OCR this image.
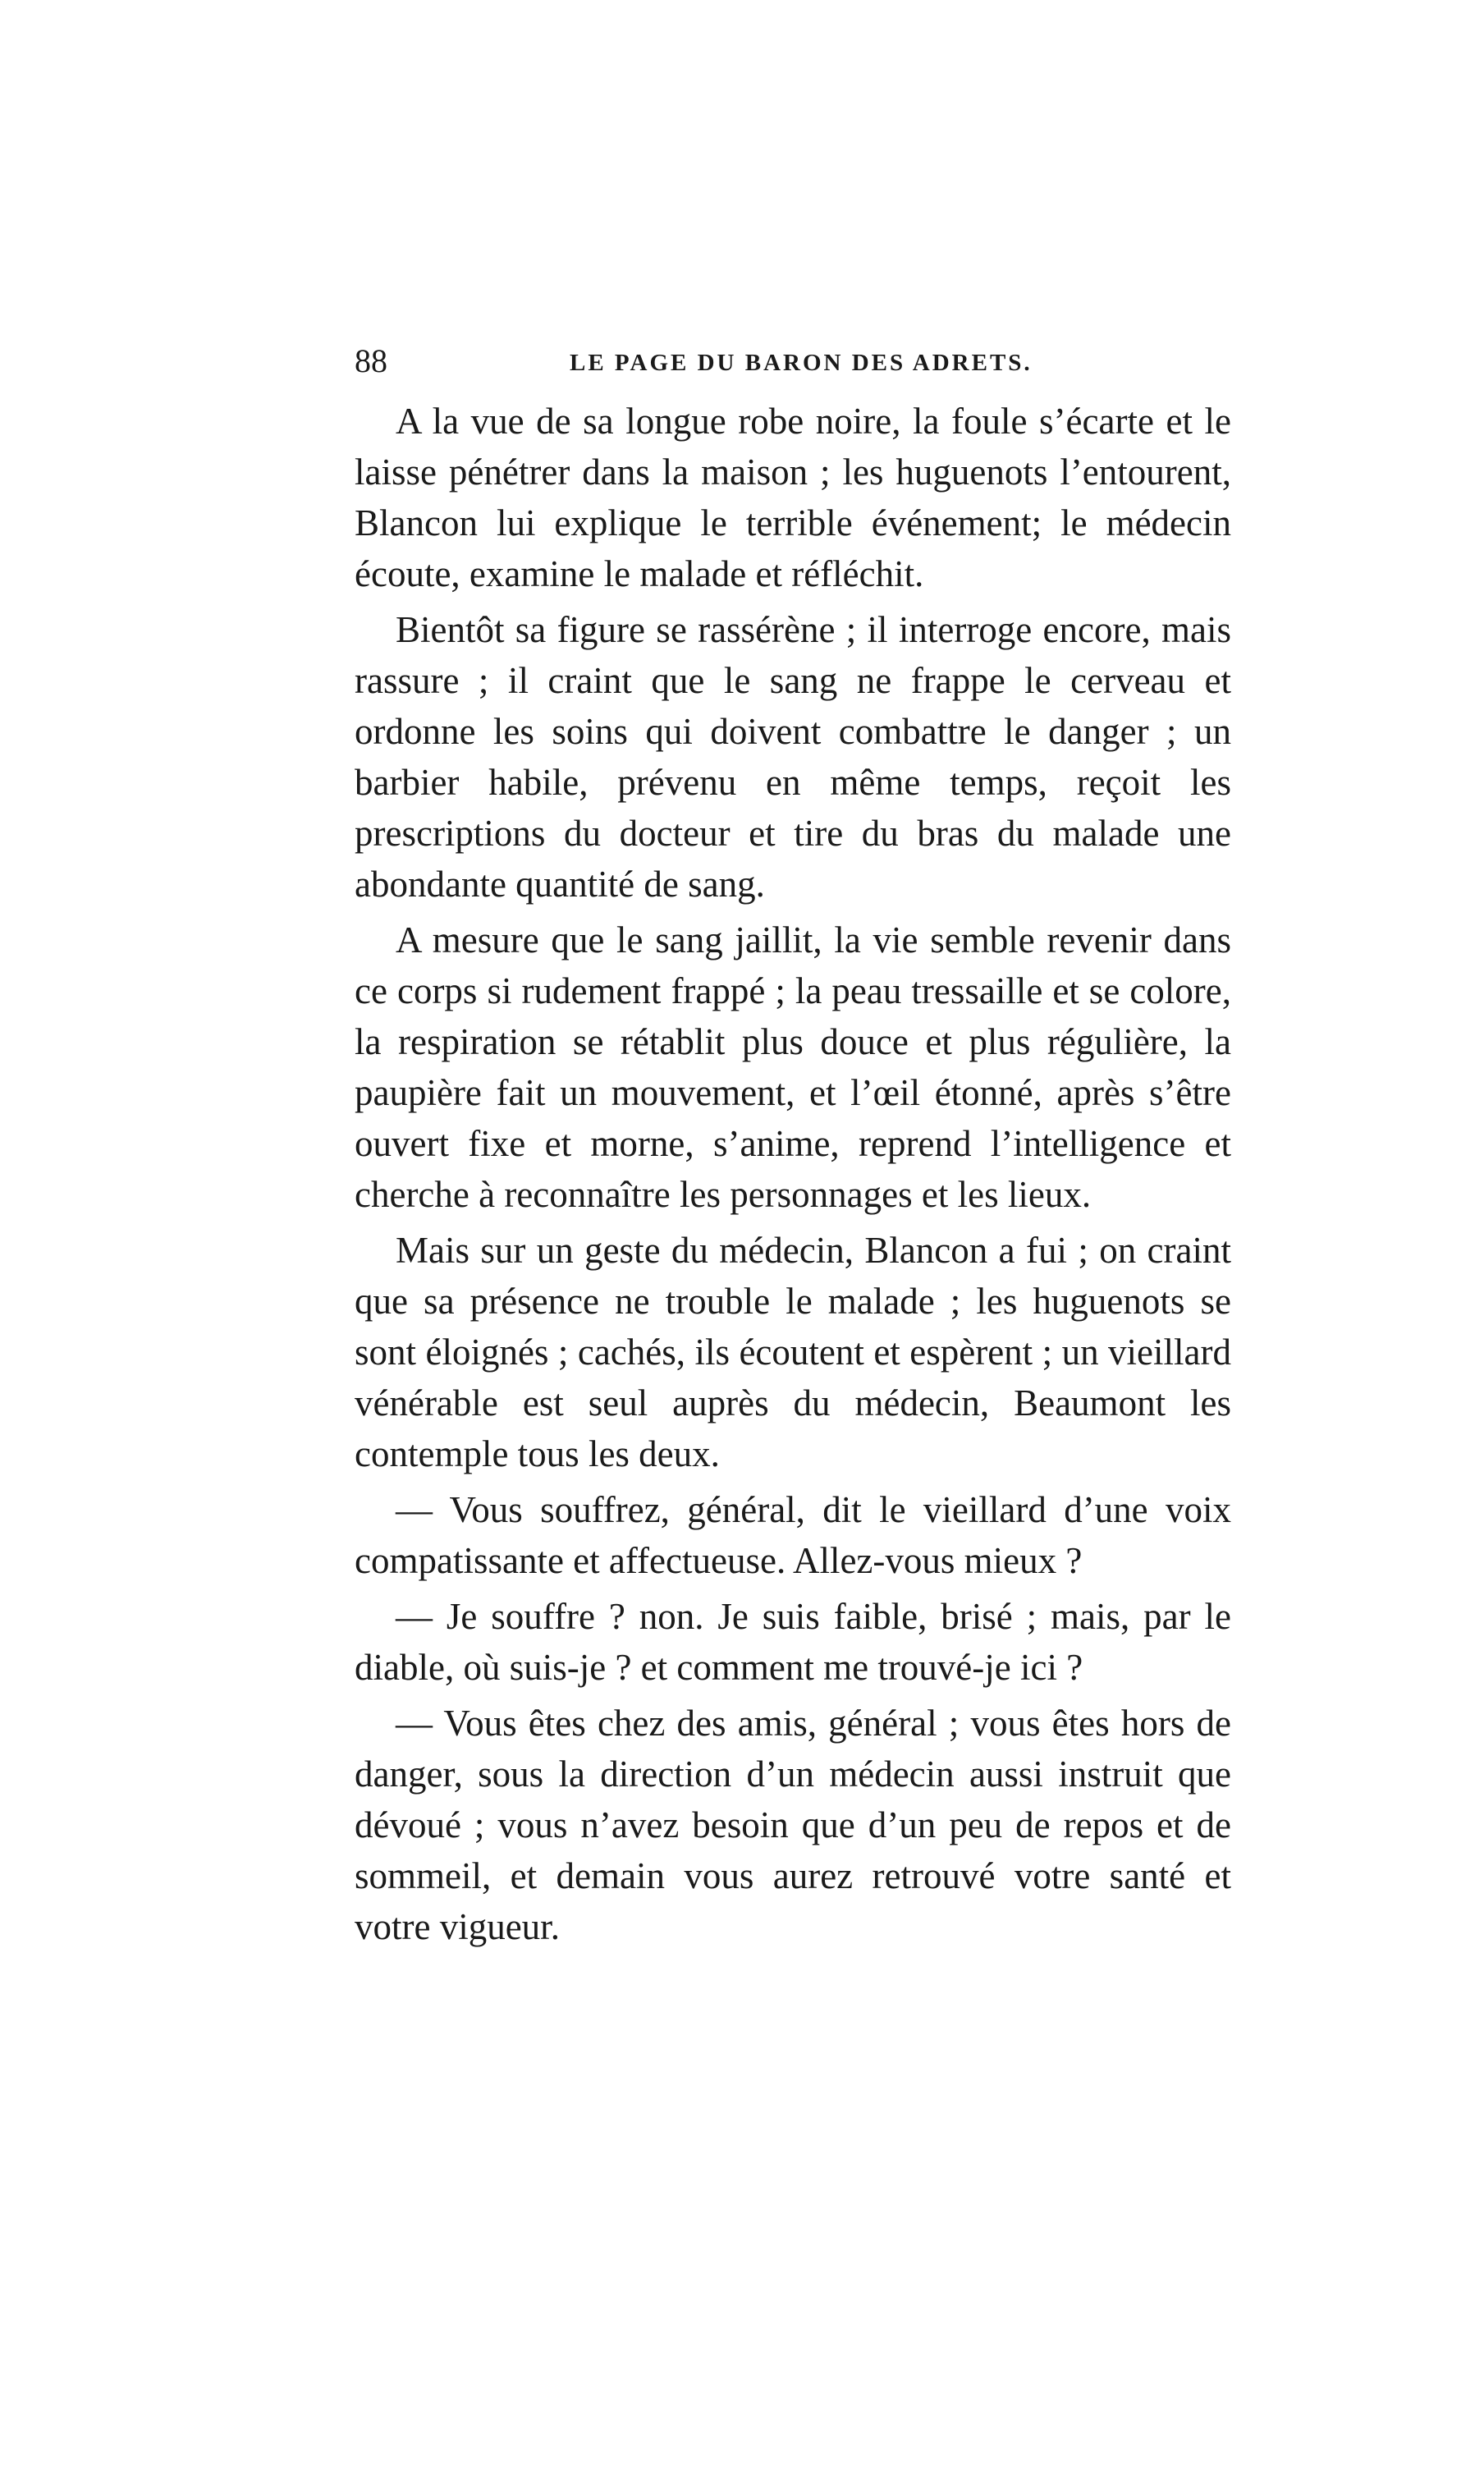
88	LE PAGE DU BARON DES ADRETS.

A la vue de sa longue robe noire, la foule s’écarte et le laisse pénétrer dans la maison ; les huguenots l’entourent, Blancon lui explique le terrible événement; le médecin écoute, examine le malade et réfléchit.

Bientôt sa figure se rassérène ; il interroge encore, mais rassure ; il craint que le sang ne frappe le cerveau et ordonne les soins qui doivent combattre le danger ; un barbier habile, prévenu en même temps, reçoit les prescriptions du docteur et tire du bras du malade une abondante quantité de sang.

A mesure que le sang jaillit, la vie semble revenir dans ce corps si rudement frappé ; la peau tressaille et se colore, la respiration se rétablit plus douce et plus régulière, la paupière fait un mouvement, et l’œil étonné, après s’être ouvert fixe et morne, s’anime, reprend l’intelligence et cherche à reconnaître les personnages et les lieux.

Mais sur un geste du médecin, Blancon a fui ; on craint que sa présence ne trouble le malade ; les huguenots se sont éloignés ; cachés, ils écoutent et espèrent ; un vieillard vénérable est seul auprès du médecin, Beaumont les contemple tous les deux.

— Vous souffrez, général, dit le vieillard d’une voix compatissante et affectueuse. Allez-vous mieux ?

— Je souffre ? non. Je suis faible, brisé ; mais, par le diable, où suis-je ? et comment me trouvé-je ici ?

— Vous êtes chez des amis, général ; vous êtes hors de danger, sous la direction d’un médecin aussi instruit que dévoué ; vous n’avez besoin que d’un peu de repos et de sommeil, et demain vous aurez retrouvé votre santé et votre vigueur.
